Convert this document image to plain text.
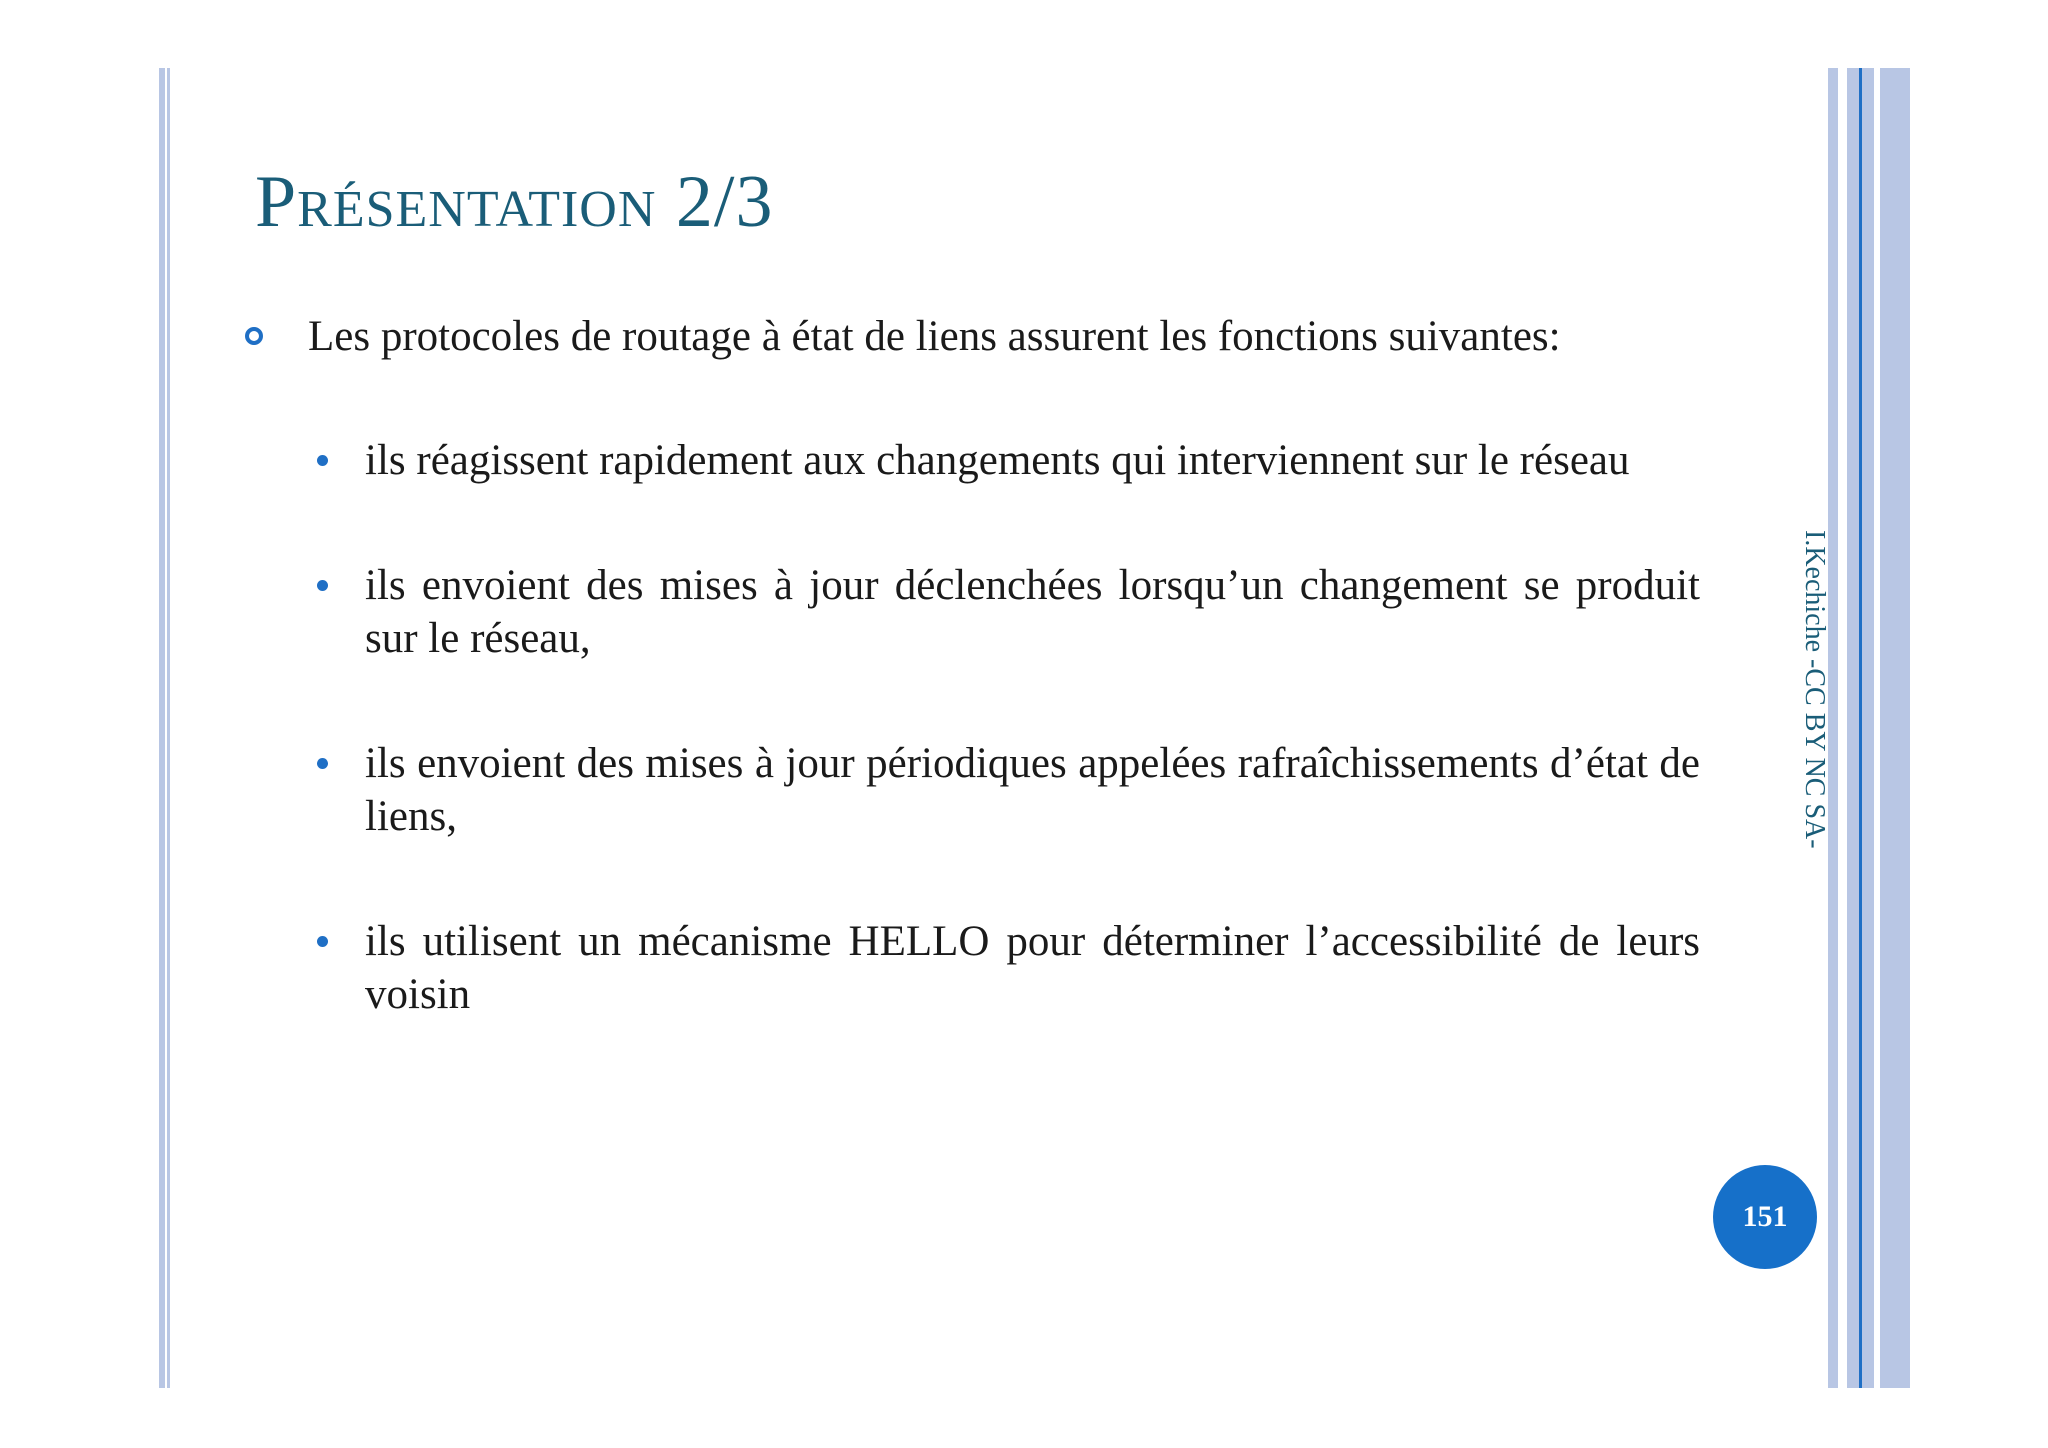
Présentation 2/3
Les protocoles de routage à état de liens assurent les fonctions suivantes:
ils réagissent rapidement aux changements qui interviennent sur le réseau
ils envoient des mises à jour déclenchées lorsqu’un changement se produit sur le réseau,
ils envoient des mises à jour périodiques appelées rafraîchissements d’état de liens,
ils utilisent un mécanisme HELLO pour déterminer l’accessibilité de leurs voisin
I.Kechiche -CC BY NC SA-
151
